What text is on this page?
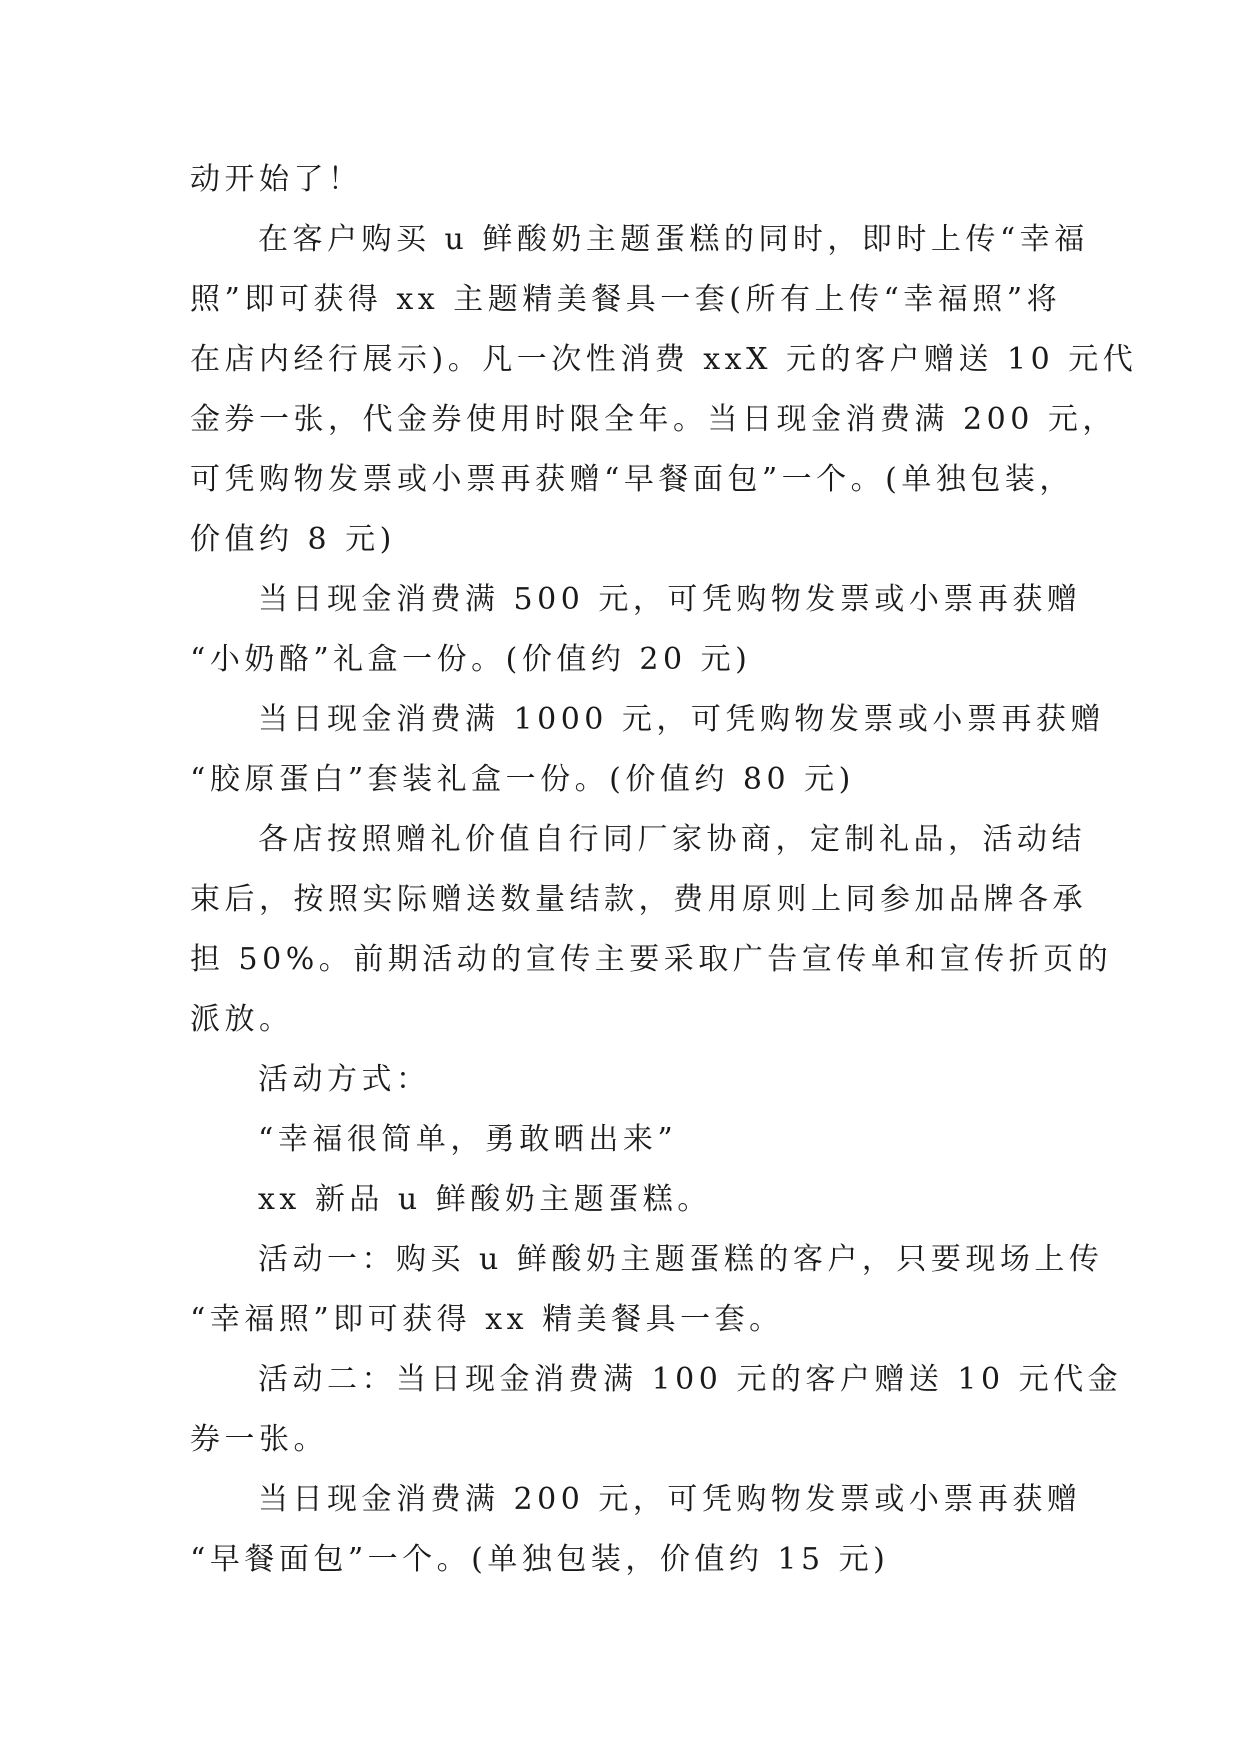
动开始了！
在客户购买 u 鲜酸奶主题蛋糕的同时，即时上传“幸福
照”即可获得 xx 主题精美餐具一套(所有上传“幸福照”将
在店内经行展示)。凡一次性消费 xxX 元的客户赠送 10 元代
金券一张，代金券使用时限全年。当日现金消费满 200 元，
可凭购物发票或小票再获赠“早餐面包”一个。(单独包装，
价值约 8 元)
当日现金消费满 500 元，可凭购物发票或小票再获赠
“小奶酪”礼盒一份。(价值约 20 元)
当日现金消费满 1000 元，可凭购物发票或小票再获赠
“胶原蛋白”套装礼盒一份。(价值约 80 元)
各店按照赠礼价值自行同厂家协商，定制礼品，活动结
束后，按照实际赠送数量结款，费用原则上同参加品牌各承
担 50%。前期活动的宣传主要采取广告宣传单和宣传折页的
派放。
活动方式：
“幸福很简单，勇敢晒出来”
xx 新品 u 鲜酸奶主题蛋糕。
活动一：购买 u 鲜酸奶主题蛋糕的客户，只要现场上传
“幸福照”即可获得 xx 精美餐具一套。
活动二：当日现金消费满 100 元的客户赠送 10 元代金
券一张。
当日现金消费满 200 元，可凭购物发票或小票再获赠
“早餐面包”一个。(单独包装，价值约 15 元)
